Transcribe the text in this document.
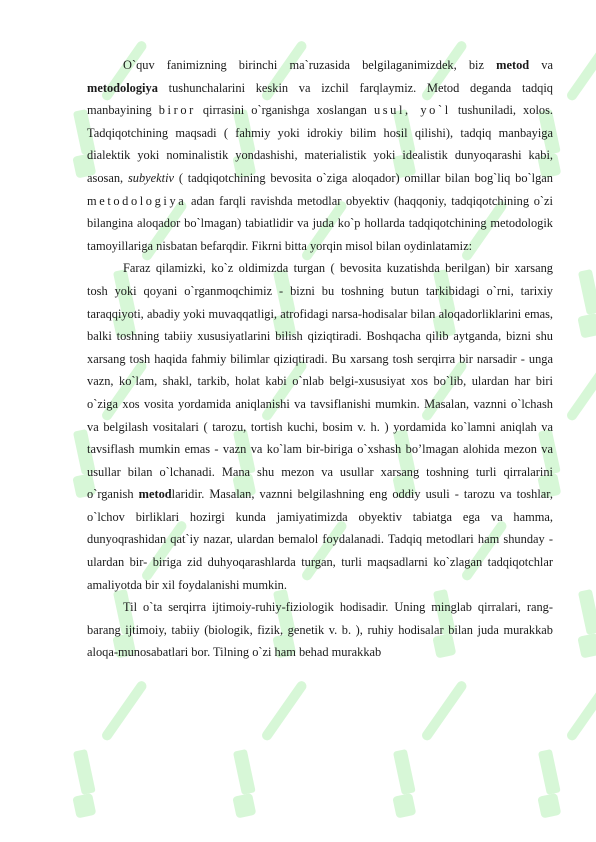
O`quv fanimizning birinchi ma`ruzasida belgilaganimizdek, biz metod va metodologiya tushunchalarini keskin va izchil farqlaymiz. Metod deganda tadqiq manbayining biror qirrasini o`rganishga xoslangan usul, yo`l tushuniladi, xolos. Tadqiqotchining maqsadi ( fahmiy yoki idrokiy bilim hosil qilishi), tadqiq manbayiga dialektik yoki nominalistik yondashishi, materialistik yoki idealistik dunyoqarashi kabi, asosan, subyektiv ( tadqiqotchining bevosita o`ziga aloqador) omillar bilan bog`liq bo`lgan metodologiya adan farqli ravishda metodlar obyektiv (haqqoniy, tadqiqotchining o`zi bilangina aloqador bo`lmagan) tabiatlidir va juda ko`p hollarda tadqiqotchining metodologik tamoyillariga nisbatan befarqdir. Fikrni bitta yorqin misol bilan oydinlatamiz:

Faraz qilamizki, ko`z oldimizda turgan ( bevosita kuzatishda berilgan) bir xarsang tosh yoki qoyani o`rganmoqchimiz - bizni bu toshning butun tarkibidagi o`rni, tarixiy taraqqiyoti, abadiy yoki muvaqqatligi, atrofidagi narsa-hodisalar bilan aloqadorliklarini emas, balki toshning tabiiy xususiyatlarini bilish qiziqtiradi. Boshqacha qilib aytganda, bizni shu xarsang tosh haqida fahmiy bilimlar qiziqtiradi. Bu xarsang tosh serqirra bir narsadir - unga vazn, ko`lam, shakl, tarkib, holat kabi o`nlab belgi-xususiyat xos bo`lib, ulardan har biri o`ziga xos vosita yordamida aniqlanishi va tavsiflanishi mumkin. Masalan, vaznni o`lchash va belgilash vositalari ( tarozu, tortish kuchi, bosim v. h. ) yordamida ko`lamni aniqlah va tavsiflash mumkin emas - vazn va ko`lam bir-biriga o`xshash bo’lmagan alohida mezon va usullar bilan o`lchanadi. Mana shu mezon va usullar xarsang toshning turli qirralarini o`rganish metodlaridir. Masalan, vaznni belgilashning eng oddiy usuli - tarozu va toshlar, o`lchov birliklari hozirgi kunda jamiyatimizda obyektiv tabiatga ega va hamma, dunyoqrashidan qat`iy nazar, ulardan bemalol foydalanadi. Tadqiq metodlari ham shunday - ulardan bir- biriga zid duhyoqarashlarda turgan, turli maqsadlarni ko`zlagan tadqiqotchlar amaliyotda bir xil foydalanishi mumkin.

Til o`ta serqirra ijtimoiy-ruhiy-fiziologik hodisadir. Uning minglab qirralari, rang-barang ijtimoiy, tabiiy (biologik, fizik, genetik v. b. ), ruhiy hodisalar bilan juda murakkab aloqa-munosabatlari bor. Tilning o`zi ham behad murakkab
